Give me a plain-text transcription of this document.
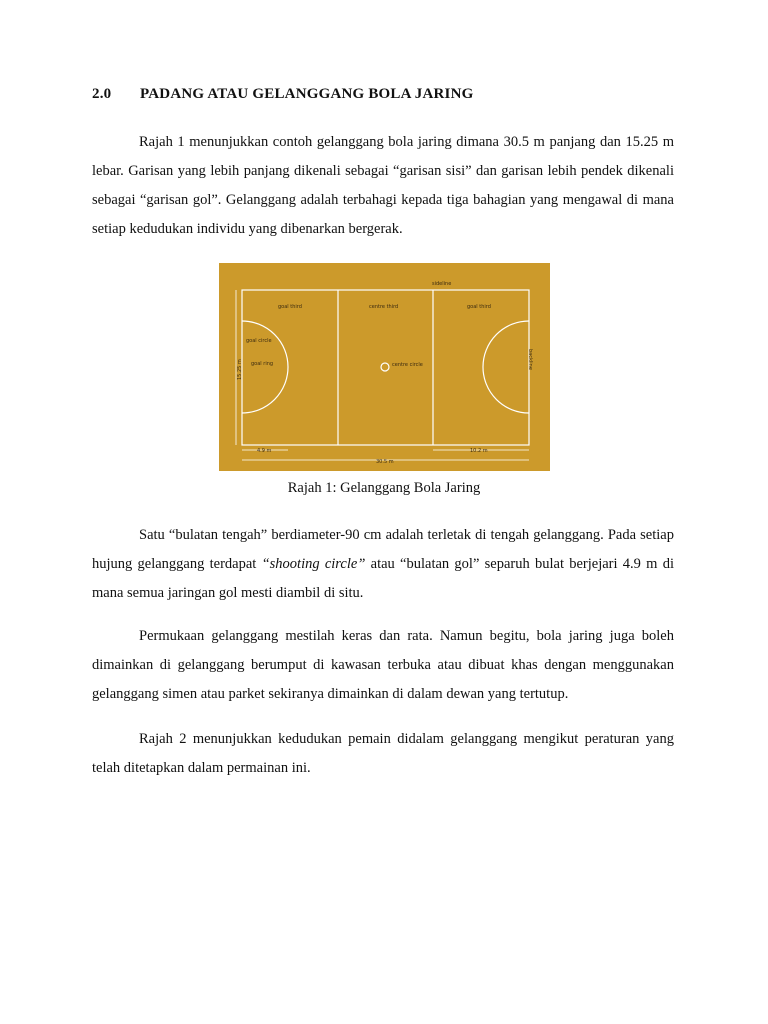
2.0 PADANG ATAU GELANGGANG BOLA JARING

Rajah 1 menunjukkan contoh gelanggang bola jaring dimana 30.5 m panjang dan 15.25 m lebar. Garisan yang lebih panjang dikenali sebagai “garisan sisi” dan garisan lebih pendek dikenali sebagai “garisan gol”. Gelanggang adalah terbahagi kepada tiga bahagian yang mengawal di mana setiap kedudukan individu yang dibenarkan bergerak.

sideline
goal third	centre third	goal third
goal circle
goal ring	centre circle
4.9 m	10.2 m
30.5 m
15.25 m	backline
Rajah 1: Gelanggang Bola Jaring

Satu “bulatan tengah” berdiameter-90 cm adalah terletak di tengah gelanggang. Pada setiap hujung gelanggang terdapat “shooting circle” atau “bulatan gol” separuh bulat berjejari 4.9 m di mana semua jaringan gol mesti diambil di situ.

Permukaan gelanggang mestilah keras dan rata. Namun begitu, bola jaring juga boleh dimainkan di gelanggang berumput di kawasan terbuka atau dibuat khas dengan menggunakan gelanggang simen atau parket sekiranya dimainkan di dalam dewan yang tertutup.

Rajah 2 menunjukkan kedudukan pemain didalam gelanggang mengikut peraturan yang telah ditetapkan dalam permainan ini.
